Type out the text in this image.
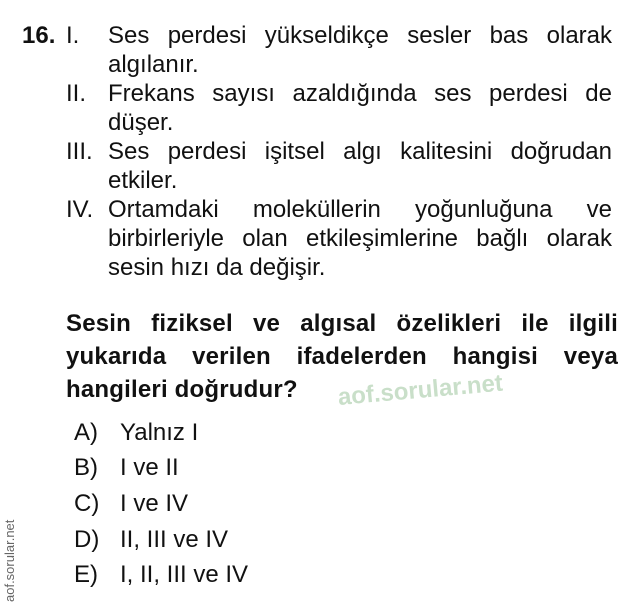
16. I. Ses perdesi yükseldikçe sesler bas olarak algılanır.
II. Frekans sayısı azaldığında ses perdesi de düşer.
III. Ses perdesi işitsel algı kalitesini doğrudan etkiler.
IV. Ortamdaki moleküllerin yoğunluğuna ve birbirleriyle olan etkileşimlerine bağlı olarak sesin hızı da değişir.
Sesin fiziksel ve algısal özelikleri ile ilgili yukarıda verilen ifadelerden hangisi veya hangileri doğrudur?	aof.sorular.net
A) Yalnız I
B) I ve II
C) I ve IV
D) II, III ve IV
E) I, II, III ve IV
aof.sorular.net
